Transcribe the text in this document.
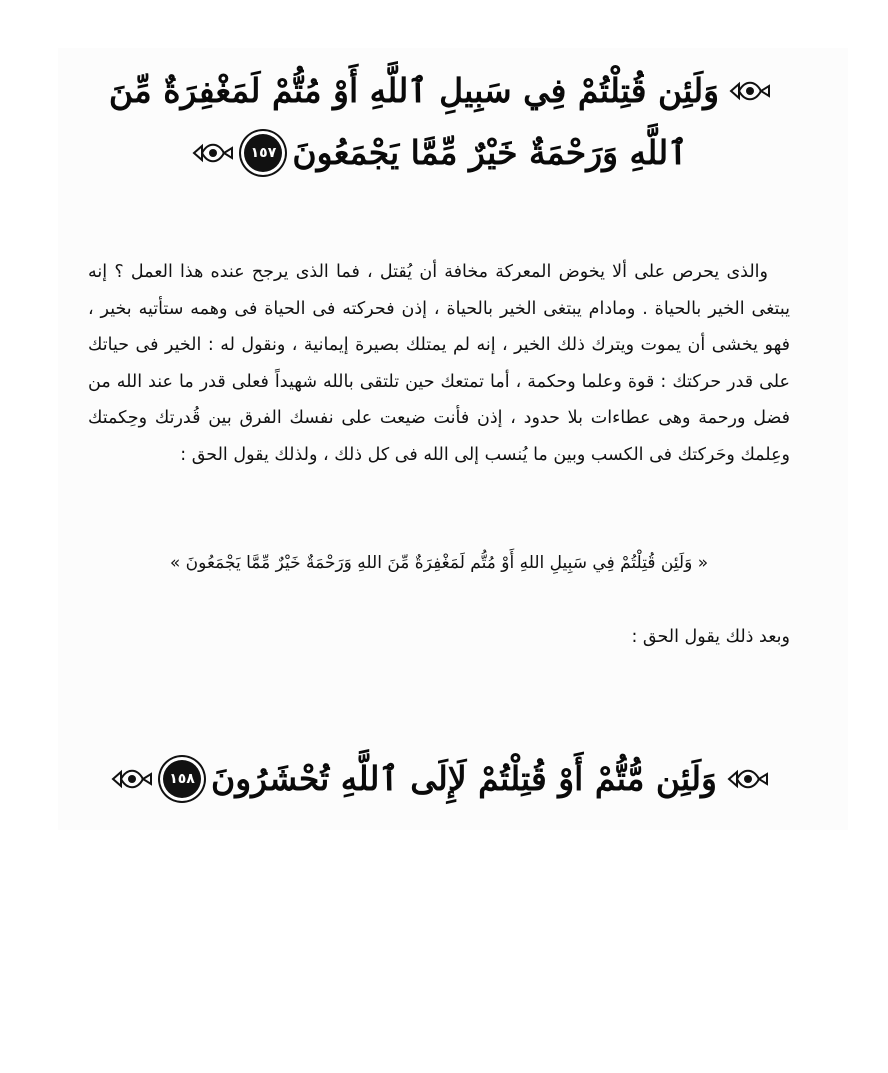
وَلَئِن قُتِلْتُمْ فِي سَبِيلِ ٱللَّهِ أَوْ مُتُّمْ لَمَغْفِرَةٌ مِّنَ
ٱللَّهِ وَرَحْمَةٌ خَيْرٌ مِّمَّا يَجْمَعُونَ
١٥٧

والذى يحرص على ألا يخوض المعركة مخافة أن يُقتل ، فما الذى يرجح عنده هذا العمل ؟ إنه يبتغى الخير بالحياة . ومادام يبتغى الخير بالحياة ، إذن فحركته فى الحياة فى وهمه ستأتيه بخير ، فهو يخشى أن يموت ويترك ذلك الخير ، إنه لم يمتلك بصيرة إيمانية ، ونقول له : الخير فى حياتك على قدر حركتك : قوة وعلما وحكمة ، أما تمتعك حين تلتقى بالله شهيداً فعلى قدر ما عند الله من فضل ورحمة وهى عطاءات بلا حدود ، إذن فأنت ضيعت على نفسك الفرق بين قُدرتك وحِكمتك وعِلمك وحَركتك فى الكسب وبين ما يُنسب إلى الله فى كل ذلك ، ولذلك يقول الحق :

« وَلَئِن قُتِلْتُمْ فِي سَبِيلِ اللهِ أَوْ مُتُّم لَمَغْفِرَةٌ مِّنَ اللهِ وَرَحْمَةٌ خَيْرٌ مِّمَّا يَجْمَعُونَ »

وبعد ذلك يقول الحق :

وَلَئِن مُّتُّمْ أَوْ قُتِلْتُمْ لَإِلَى ٱللَّهِ تُحْشَرُونَ
١٥٨
